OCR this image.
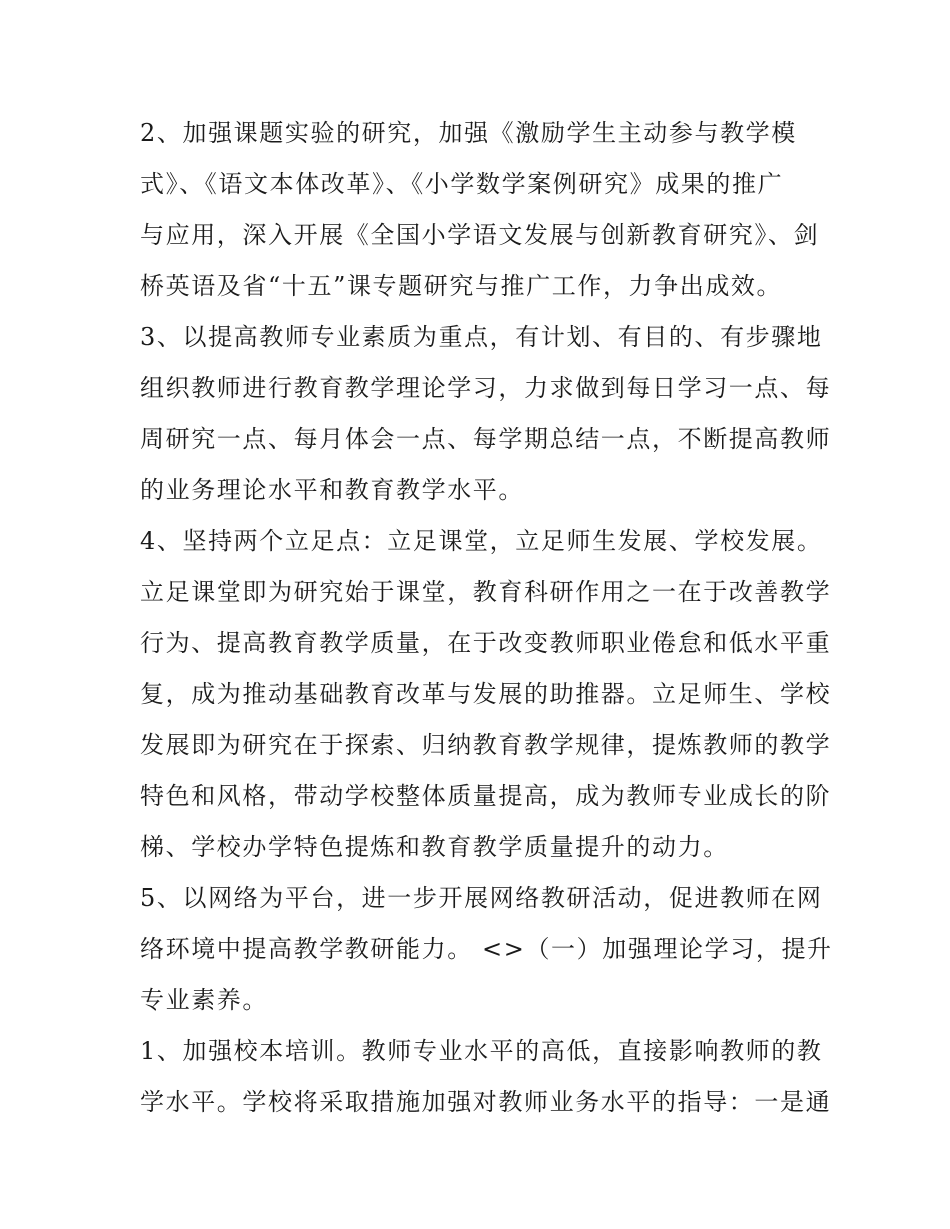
2、加强课题实验的研究，加强《激励学生主动参与教学模
式》、《语文本体改革》、《小学数学案例研究》成果的推广
与应用，深入开展《全国小学语文发展与创新教育研究》、剑
桥英语及省“十五”课专题研究与推广工作，力争出成效。
3、以提高教师专业素质为重点，有计划、有目的、有步骤地
组织教师进行教育教学理论学习，力求做到每日学习一点、每
周研究一点、每月体会一点、每学期总结一点，不断提高教师
的业务理论水平和教育教学水平。
4、坚持两个立足点：立足课堂，立足师生发展、学校发展。
立足课堂即为研究始于课堂，教育科研作用之一在于改善教学
行为、提高教育教学质量，在于改变教师职业倦怠和低水平重
复，成为推动基础教育改革与发展的助推器。立足师生、学校
发展即为研究在于探索、归纳教育教学规律，提炼教师的教学
特色和风格，带动学校整体质量提高，成为教师专业成长的阶
梯、学校办学特色提炼和教育教学质量提升的动力。
5、以网络为平台，进一步开展网络教研活动，促进教师在网
络环境中提高教学教研能力。 <>（一）加强理论学习，提升
专业素养。
1、加强校本培训。教师专业水平的高低，直接影响教师的教
学水平。学校将采取措施加强对教师业务水平的指导：一是通
